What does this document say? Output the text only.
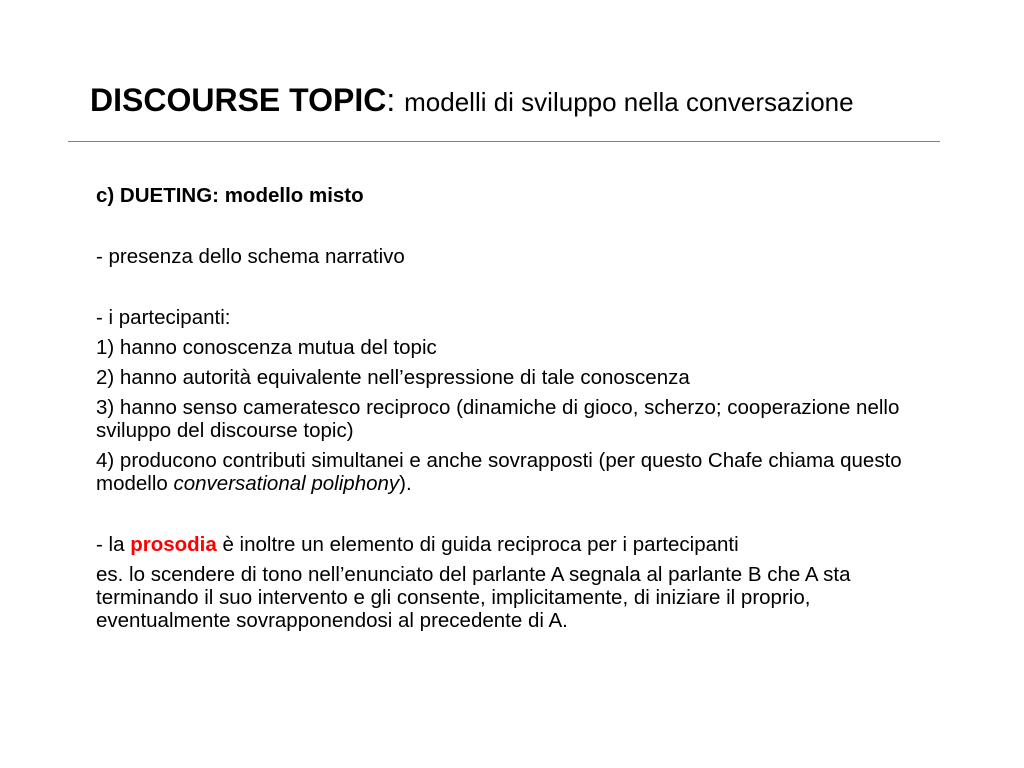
DISCOURSE TOPIC: modelli di sviluppo nella conversazione

c) DUETING: modello misto

- presenza dello schema narrativo

- i partecipanti:

1) hanno conoscenza mutua del topic

2) hanno autorità equivalente nell’espressione di tale conoscenza

3) hanno senso cameratesco reciproco (dinamiche di gioco, scherzo; cooperazione nello sviluppo del discourse topic)

4) producono contributi simultanei e anche sovrapposti (per questo Chafe chiama questo modello conversational poliphony).

- la prosodia è inoltre un elemento di guida reciproca per i partecipanti

es. lo scendere di tono nell’enunciato del parlante A segnala al parlante B che A sta terminando il suo intervento e gli consente, implicitamente, di iniziare il proprio, eventualmente sovrapponendosi al precedente di A.
